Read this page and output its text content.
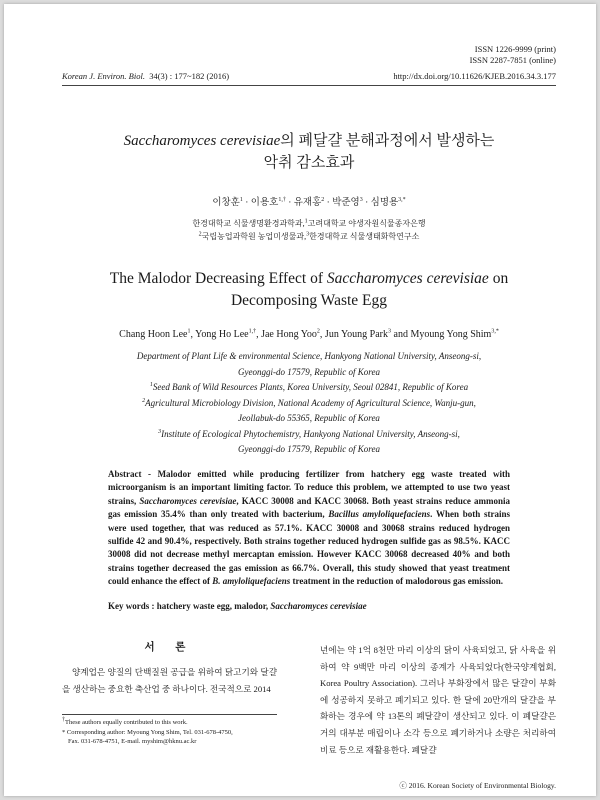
ISSN 1226-9999 (print)
ISSN 2287-7851 (online)
Korean J. Environ. Biol. 34(3) : 177~182 (2016)	http://dx.doi.org/10.11626/KJEB.2016.34.3.177
Saccharomyces cerevisiae의 폐달걀 분해과정에서 발생하는
악취 감소효과
이창훈$^1$ · 이용호$^{1,\dagger}$ · 유재홍$^2$ · 박준영$^3$ · 심명용$^{3,*}$
한경대학교 식물생명환경과학과,$^1$고려대학교 야생자원식물종자은행
$^2$국립농업과학원 농업미생물과,$^3$한경대학교 식물생태화학연구소
The Malodor Decreasing Effect of Saccharomyces cerevisiae on
Decomposing Waste Egg
Chang Hoon Lee$^1$, Yong Ho Lee$^{1,\dagger}$, Jae Hong Yoo$^2$, Jun Young Park$^3$ and Myoung Yong Shim$^{3,*}$
Department of Plant Life & environmental Science, Hankyong National University, Anseong-si,
Gyeonggi-do 17579, Republic of Korea
$^1$Seed Bank of Wild Resources Plants, Korea University, Seoul 02841, Republic of Korea
$^2$Agricultural Microbiology Division, National Academy of Agricultural Science, Wanju-gun,
Jeollabuk-do 55365, Republic of Korea
$^3$Institute of Ecological Phytochemistry, Hankyong National University, Anseong-si,
Gyeonggi-do 17579, Republic of Korea
Abstract - Malodor emitted while producing fertilizer from hatchery egg waste treated with microorganism is an important limiting factor. To reduce this problem, we attempted to use two yeast strains, Saccharomyces cerevisiae, KACC 30008 and KACC 30068. Both yeast strains reduce ammonia gas emission 35.4% than only treated with bacterium, Bacillus amyloliquefaciens. When both strains were used together, that was reduced as 57.1%. KACC 30008 and 30068 strains reduced hydrogen sulfide 42 and 90.4%, respectively. Both strains together reduced hydrogen sulfide gas as 98.5%. KACC 30008 did not decrease methyl mercaptan emission. However KACC 30068 decreased 40% and both strains together decreased the gas emission as 66.7%. Overall, this study showed that yeast treatment could enhance the effect of B. amyloliquefaciens treatment in the reduction of malodorous gas emission.
Key words : hatchery waste egg, malodor, Saccharomyces cerevisiae
서 론

양계업은 양질의 단백질원 공급을 위하여 닭고기와 달걀을 생산하는 중요한 축산업 중 하나이다. 전국적으로 2014

†These authors equally contributed to this work.

* Corresponding author: Myoung Yong Shim, Tel. 031-678-4750,

Fax. 031-678-4751, E-mail. myshim@hknu.ac.kr

년에는 약 1억 8천만 마리 이상의 닭이 사육되었고, 닭 사육을 위하여 약 9백만 마리 이상의 종계가 사육되었다(한국양계협회, Korea Poultry Association). 그러나 부화장에서 많은 달걀이 부화에 성공하지 못하고 폐기되고 있다. 한 달에 20만개의 달걀을 부화하는 경우에 약 13톤의 폐달걀이 생산되고 있다. 이 폐달걀은 거의 대부분 매립이나 소각 등으로 폐기하거나 소량은 처리하여 비료 등으로 재활용한다. 폐달걀
ⓒ 2016. Korean Society of Environmental Biology.
